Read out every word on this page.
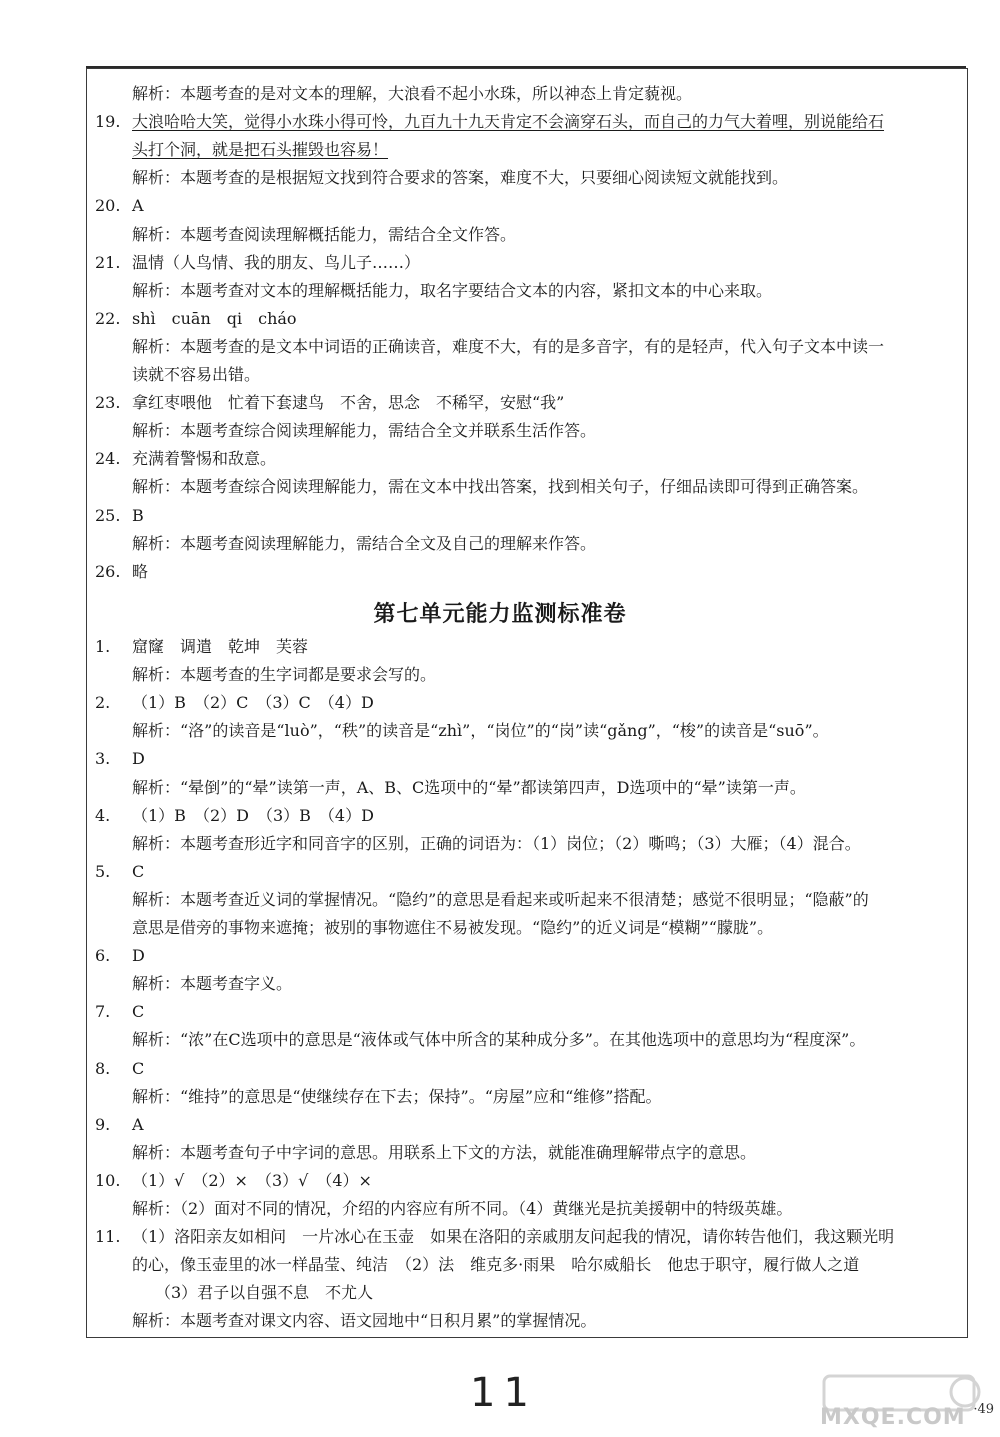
解析：本题考查的是对文本的理解，大浪看不起小水珠，所以神态上肯定藐视。
19. 大浪哈哈大笑，觉得小水珠小得可怜，九百九十九天肯定不会滴穿石头，而自己的力气大着哩，别说能给石
头打个洞，就是把石头摧毁也容易！
解析：本题考查的是根据短文找到符合要求的答案，难度不大，只要细心阅读短文就能找到。
20. A
解析：本题考查阅读理解概括能力，需结合全文作答。
21. 温情（人鸟情、我的朋友、鸟儿子……）
解析：本题考查对文本的理解概括能力，取名字要结合文本的内容，紧扣文本的中心来取。
22. shì　cuān　qi　cháo
解析：本题考查的是文本中词语的正确读音，难度不大，有的是多音字，有的是轻声，代入句子文本中读一
读就不容易出错。
23. 拿红枣喂他　忙着下套逮鸟　不舍，思念　不稀罕，安慰“我”
解析：本题考查综合阅读理解能力，需结合全文并联系生活作答。
24. 充满着警惕和敌意。
解析：本题考查综合阅读理解能力，需在文本中找出答案，找到相关句子，仔细品读即可得到正确答案。
25. B
解析：本题考查阅读理解能力，需结合全文及自己的理解来作答。
26. 略
第七单元能力监测标准卷
1. 窟窿　调遣　乾坤　芙蓉
解析：本题考查的生字词都是要求会写的。
2. （1）B　（2）C　（3）C　（4）D
解析：“洛”的读音是“luò”，“秩”的读音是“zhì”，“岗位”的“岗”读“gǎng”，“梭”的读音是“suō”。
3. D
解析：“晕倒”的“晕”读第一声，A、B、C选项中的“晕”都读第四声，D选项中的“晕”读第一声。
4. （1）B　（2）D　（3）B　（4）D
解析：本题考查形近字和同音字的区别，正确的词语为：（1）岗位；（2）嘶鸣；（3）大雁；（4）混合。
5. C
解析：本题考查近义词的掌握情况。“隐约”的意思是看起来或听起来不很清楚；感觉不很明显；“隐蔽”的
意思是借旁的事物来遮掩；被别的事物遮住不易被发现。“隐约”的近义词是“模糊”“朦胧”。
6. D
解析：本题考查字义。
7. C
解析：“浓”在C选项中的意思是“液体或气体中所含的某种成分多”。在其他选项中的意思均为“程度深”。
8. C
解析：“维持”的意思是“使继续存在下去；保持”。“房屋”应和“维修”搭配。
9. A
解析：本题考查句子中字词的意思。用联系上下文的方法，就能准确理解带点字的意思。
10. （1）√　（2）×　（3）√　（4）×
解析：（2）面对不同的情况，介绍的内容应有所不同。（4）黄继光是抗美援朝中的特级英雄。
11. （1）洛阳亲友如相问　一片冰心在玉壶　如果在洛阳的亲戚朋友问起我的情况，请你转告他们，我这颗光明
的心，像玉壶里的冰一样晶莹、纯洁　（2）法　维克多·雨果　哈尔威船长　他忠于职守，履行做人之道
（3）君子以自强不息　不尤人
解析：本题考查对课文内容、语文园地中“日积月累”的掌握情况。
11
MXQE.COM ·49
